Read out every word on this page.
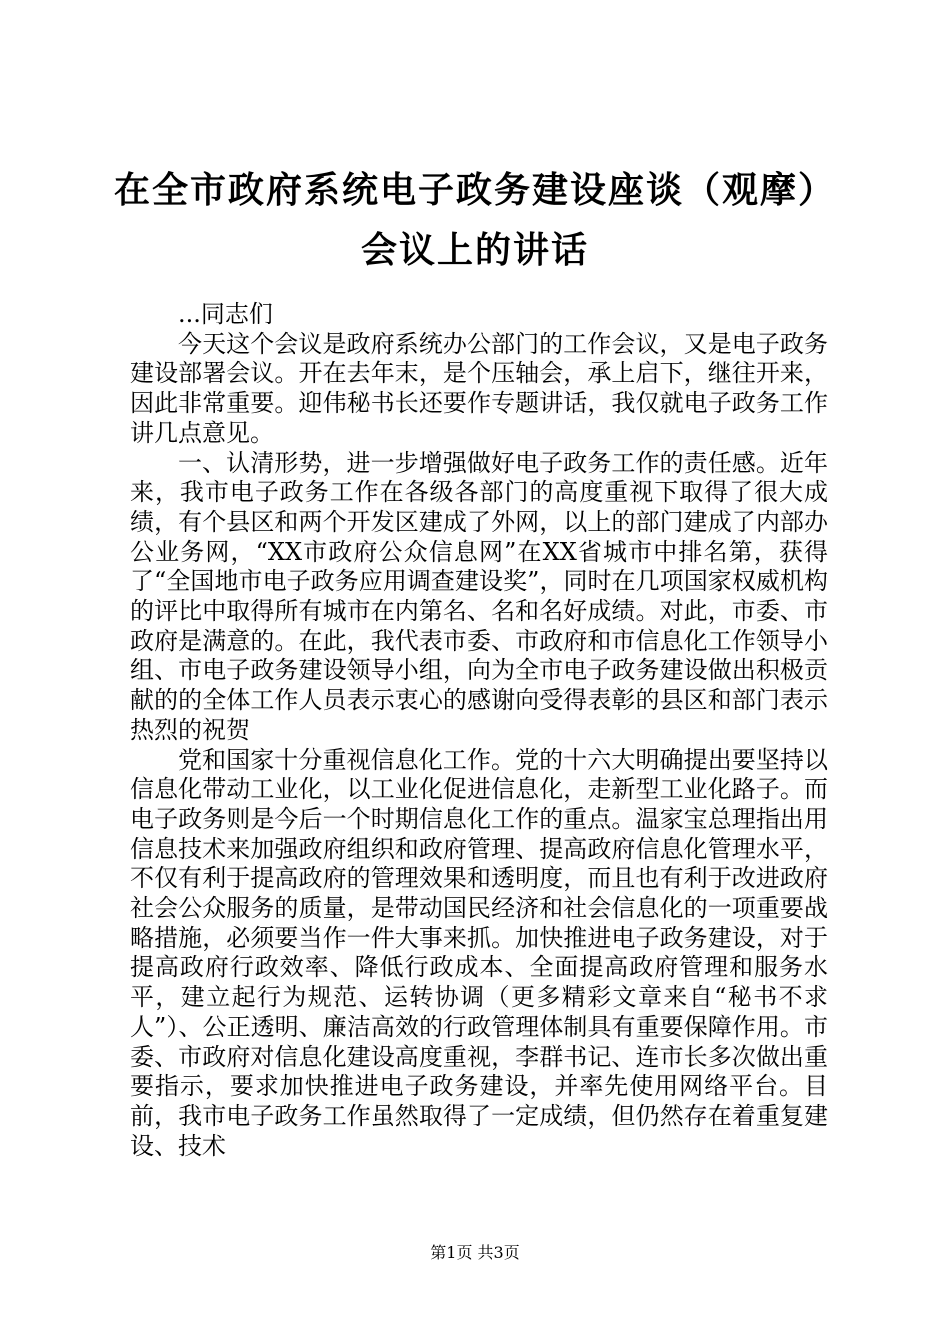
在全市政府系统电子政务建设座谈（观摩）会议上的讲话

...同志们

今天这个会议是政府系统办公部门的工作会议，又是电子政务建设部署会议。开在去年末，是个压轴会，承上启下，继往开来，因此非常重要。迎伟秘书长还要作专题讲话，我仅就电子政务工作讲几点意见。

一、认清形势，进一步增强做好电子政务工作的责任感。近年来，我市电子政务工作在各级各部门的高度重视下取得了很大成绩，有个县区和两个开发区建成了外网，以上的部门建成了内部办公业务网，“XX市政府公众信息网”在XX省城市中排名第，获得了“全国地市电子政务应用调查建设奖”，同时在几项国家权威机构的评比中取得所有城市在内第名、名和名好成绩。对此，市委、市政府是满意的。在此，我代表市委、市政府和市信息化工作领导小组、市电子政务建设领导小组，向为全市电子政务建设做出积极贡献的的全体工作人员表示衷心的感谢向受得表彰的县区和部门表示热烈的祝贺

党和国家十分重视信息化工作。党的十六大明确提出要坚持以信息化带动工业化，以工业化促进信息化，走新型工业化路子。而电子政务则是今后一个时期信息化工作的重点。温家宝总理指出用信息技术来加强政府组织和政府管理、提高政府信息化管理水平，不仅有利于提高政府的管理效果和透明度，而且也有利于改进政府社会公众服务的质量，是带动国民经济和社会信息化的一项重要战略措施，必须要当作一件大事来抓。加快推进电子政务建设，对于提高政府行政效率、降低行政成本、全面提高政府管理和服务水平，建立起行为规范、运转协调（更多精彩文章来自“秘书不求人”）、公正透明、廉洁高效的行政管理体制具有重要保障作用。市委、市政府对信息化建设高度重视，李群书记、连市长多次做出重要指示，要求加快推进电子政务建设，并率先使用网络平台。目前，我市电子政务工作虽然取得了一定成绩，但仍然存在着重复建设、技术

第1页 共3页
